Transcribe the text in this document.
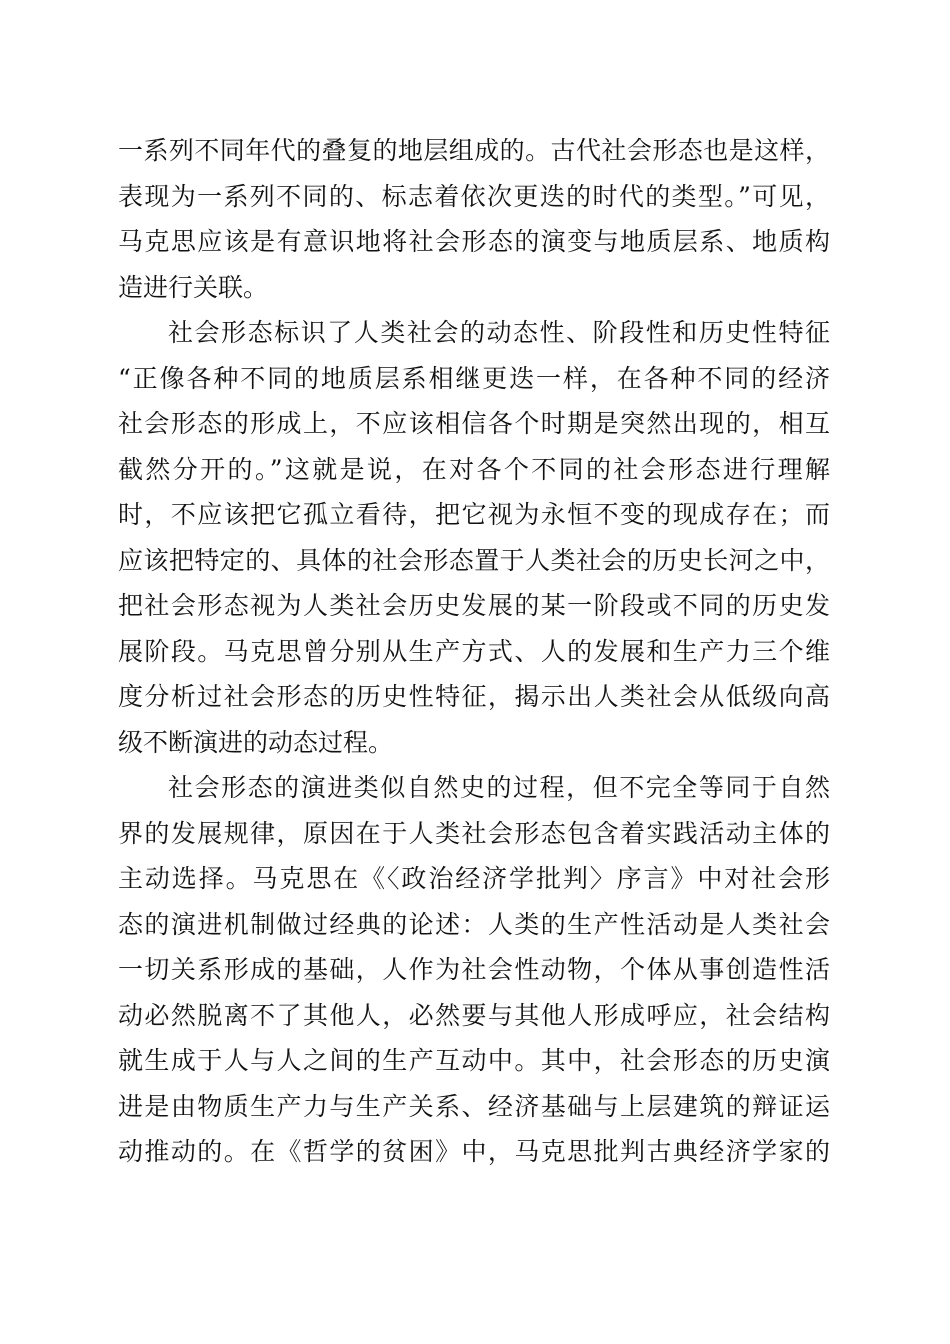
一系列不同年代的叠复的地层组成的。古代社会形态也是这样，
表现为一系列不同的、标志着依次更迭的时代的类型。”可见，
马克思应该是有意识地将社会形态的演变与地质层系、地质构
造进行关联。
社会形态标识了人类社会的动态性、阶段性和历史性特征
“正像各种不同的地质层系相继更迭一样，在各种不同的经济
社会形态的形成上，不应该相信各个时期是突然出现的，相互
截然分开的。”这就是说，在对各个不同的社会形态进行理解
时，不应该把它孤立看待，把它视为永恒不变的现成存在；而
应该把特定的、具体的社会形态置于人类社会的历史长河之中，
把社会形态视为人类社会历史发展的某一阶段或不同的历史发
展阶段。马克思曾分别从生产方式、人的发展和生产力三个维
度分析过社会形态的历史性特征，揭示出人类社会从低级向高
级不断演进的动态过程。
社会形态的演进类似自然史的过程，但不完全等同于自然
界的发展规律，原因在于人类社会形态包含着实践活动主体的
主动选择。马克思在《〈政治经济学批判〉序言》中对社会形
态的演进机制做过经典的论述：人类的生产性活动是人类社会
一切关系形成的基础，人作为社会性动物，个体从事创造性活
动必然脱离不了其他人，必然要与其他人形成呼应，社会结构
就生成于人与人之间的生产互动中。其中，社会形态的历史演
进是由物质生产力与生产关系、经济基础与上层建筑的辩证运
动推动的。在《哲学的贫困》中，马克思批判古典经济学家的
